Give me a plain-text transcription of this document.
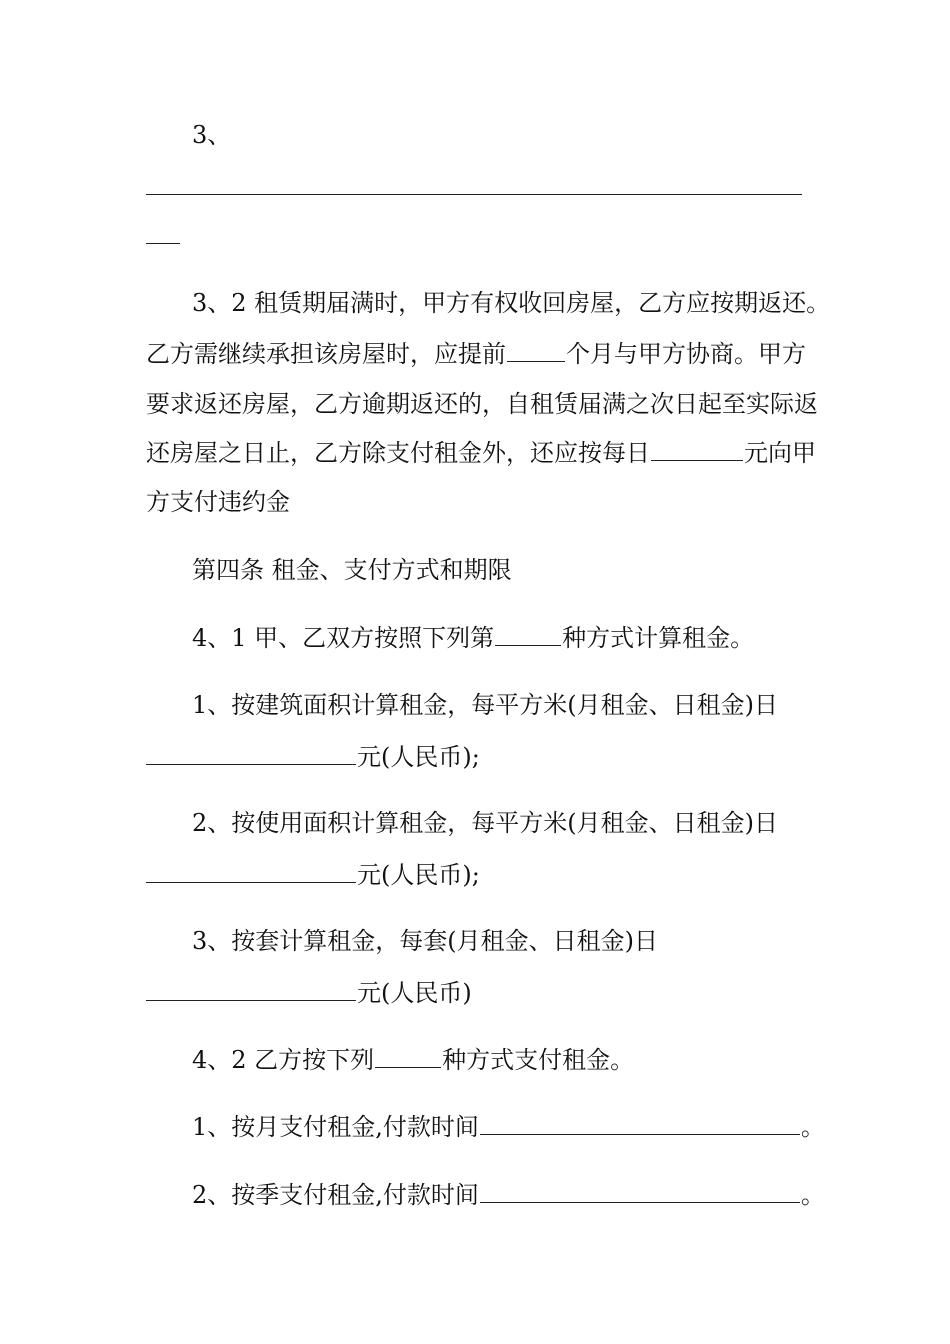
3、
3、2 租赁期届满时，甲方有权收回房屋，乙方应按期返还。
乙方需继续承担该房屋时，应提前	个月与甲方协商。甲方
要求返还房屋，乙方逾期返还的，自租赁届满之次日起至实际返
还房屋之日止，乙方除支付租金外，还应按每日	元向甲
方支付违约金
第四条 租金、支付方式和期限
4、1 甲、乙双方按照下列第	种方式计算租金。
1、按建筑面积计算租金，每平方米(月租金、日租金)日
元(人民币);
2、按使用面积计算租金，每平方米(月租金、日租金)日
元(人民币);
3、按套计算租金，每套(月租金、日租金)日
元(人民币)
4、2 乙方按下列	种方式支付租金。
1、按月支付租金,付款时间	。
2、按季支付租金,付款时间	。
